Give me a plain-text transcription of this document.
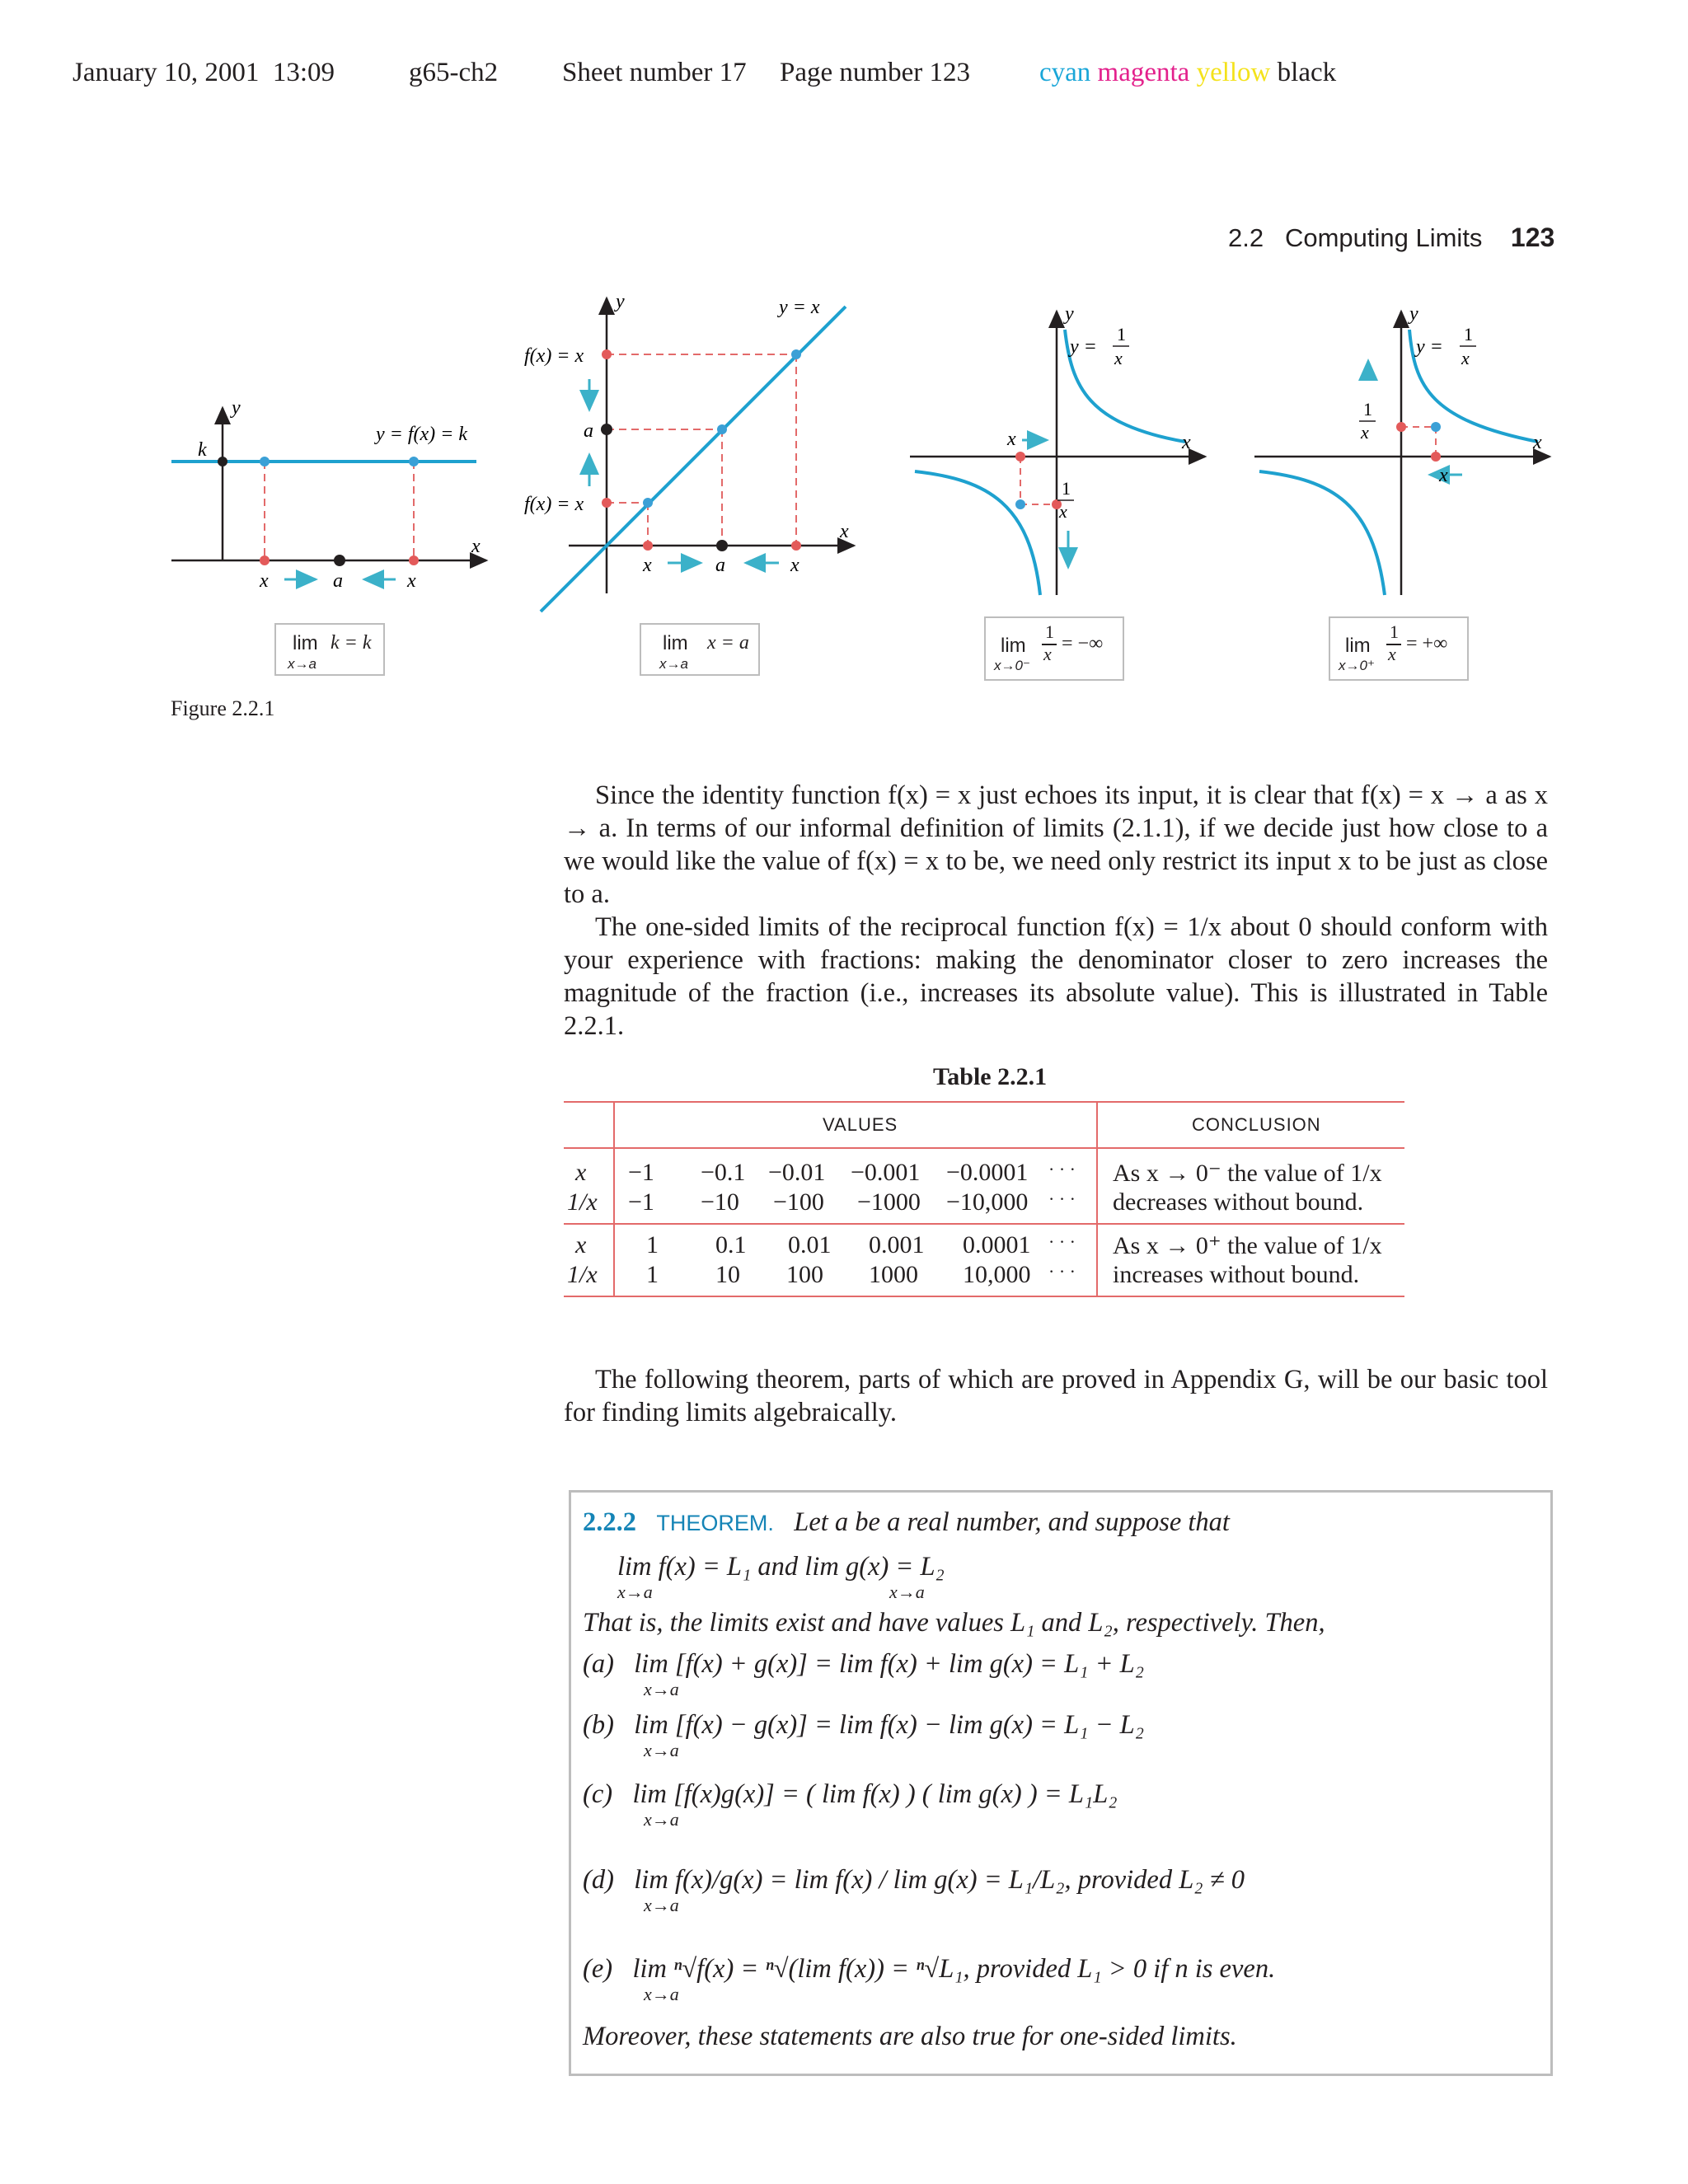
January 10, 2001 13:09	g65-ch2 Sheet number 17 Page number 123	cyan magenta yellow black
2.2 Computing Limits 123
y
k
y = f(x) = k
x
x	a	x
y	y = x
f(x) = x
a
f(x) = x
x
x	a	x
x
y
y =
1
x
x
1
x
y
y =
1
x
x
1
x
x
lim
x→a
k = k	lim
x→a
x = a	lim
x→0⁻
1
x = −∞	lim
x→0⁺
1
x = +∞
Figure 2.2.1

Since the identity function f(x) = x just echoes its input, it is clear that f(x) = x → a as x → a. In terms of our informal definition of limits (2.1.1), if we decide just how close to a we would like the value of f(x) = x to be, we need only restrict its input x to be just as close to a.

The one-sided limits of the reciprocal function f(x) = 1/x about 0 should conform with your experience with fractions: making the denominator closer to zero increases the magnitude of the fraction (i.e., increases its absolute value). This is illustrated in Table 2.2.1.

Table 2.2.1
VALUES	CONCLUSION
x
1/x
−1 −0.1 −0.01 −0.001 −0.0001 · · ·
−1 −10 −100 −1000 −10,000 · · ·
As x → 0⁻ the value of 1/x
decreases without bound.
x
1/x
1 0.1 0.01 0.001 0.0001 · · ·
1 10 100 1000 10,000 · · ·
As x → 0⁺ the value of 1/x
increases without bound.

The following theorem, parts of which are proved in Appendix G, will be our basic tool for finding limits algebraically.

2.2.2 THEOREM. Let a be a real number, and suppose that
lim f(x) = L₁ and lim g(x) = L₂
x→a	x→a
That is, the limits exist and have values L₁ and L₂, respectively. Then,
(a) lim [f(x) + g(x)] = lim f(x) + lim g(x) = L₁ + L₂
x→a
(b) lim [f(x) − g(x)] = lim f(x) − lim g(x) = L₁ − L₂
x→a
(c) lim [f(x)g(x)] = ( lim f(x) ) ( lim g(x) ) = L₁L₂
x→a
(d) lim f(x)/g(x) = lim f(x) / lim g(x) = L₁/L₂, provided L₂ ≠ 0
x→a
(e) lim ⁿ√f(x) = ⁿ√(lim f(x)) = ⁿ√L₁, provided L₁ > 0 if n is even.
x→a
Moreover, these statements are also true for one-sided limits.
